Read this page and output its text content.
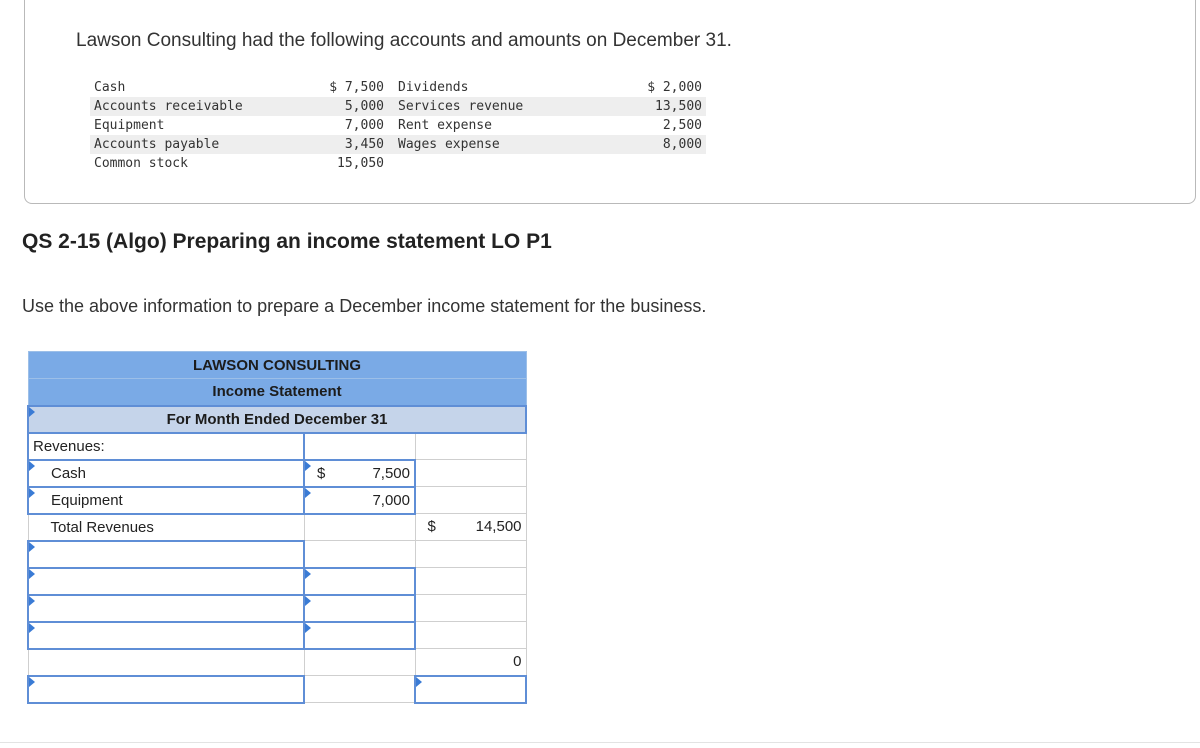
Lawson Consulting had the following accounts and amounts on December 31.
Cash	$ 7,500	Dividends	$ 2,000
Accounts receivable	5,000	Services revenue	13,500
Equipment	7,000	Rent expense	2,500
Accounts payable	3,450	Wages expense	8,000
Common stock	15,050		
QS 2-15 (Algo) Preparing an income statement LO P1
Use the above information to prepare a December income statement for the business.
LAWSON CONSULTING		
Income Statement		

For Month Ended December 31		
Revenues:		

Cash	$ 7,500	

Equipment	7,000	

Total Revenues		$ 14,500

		0
